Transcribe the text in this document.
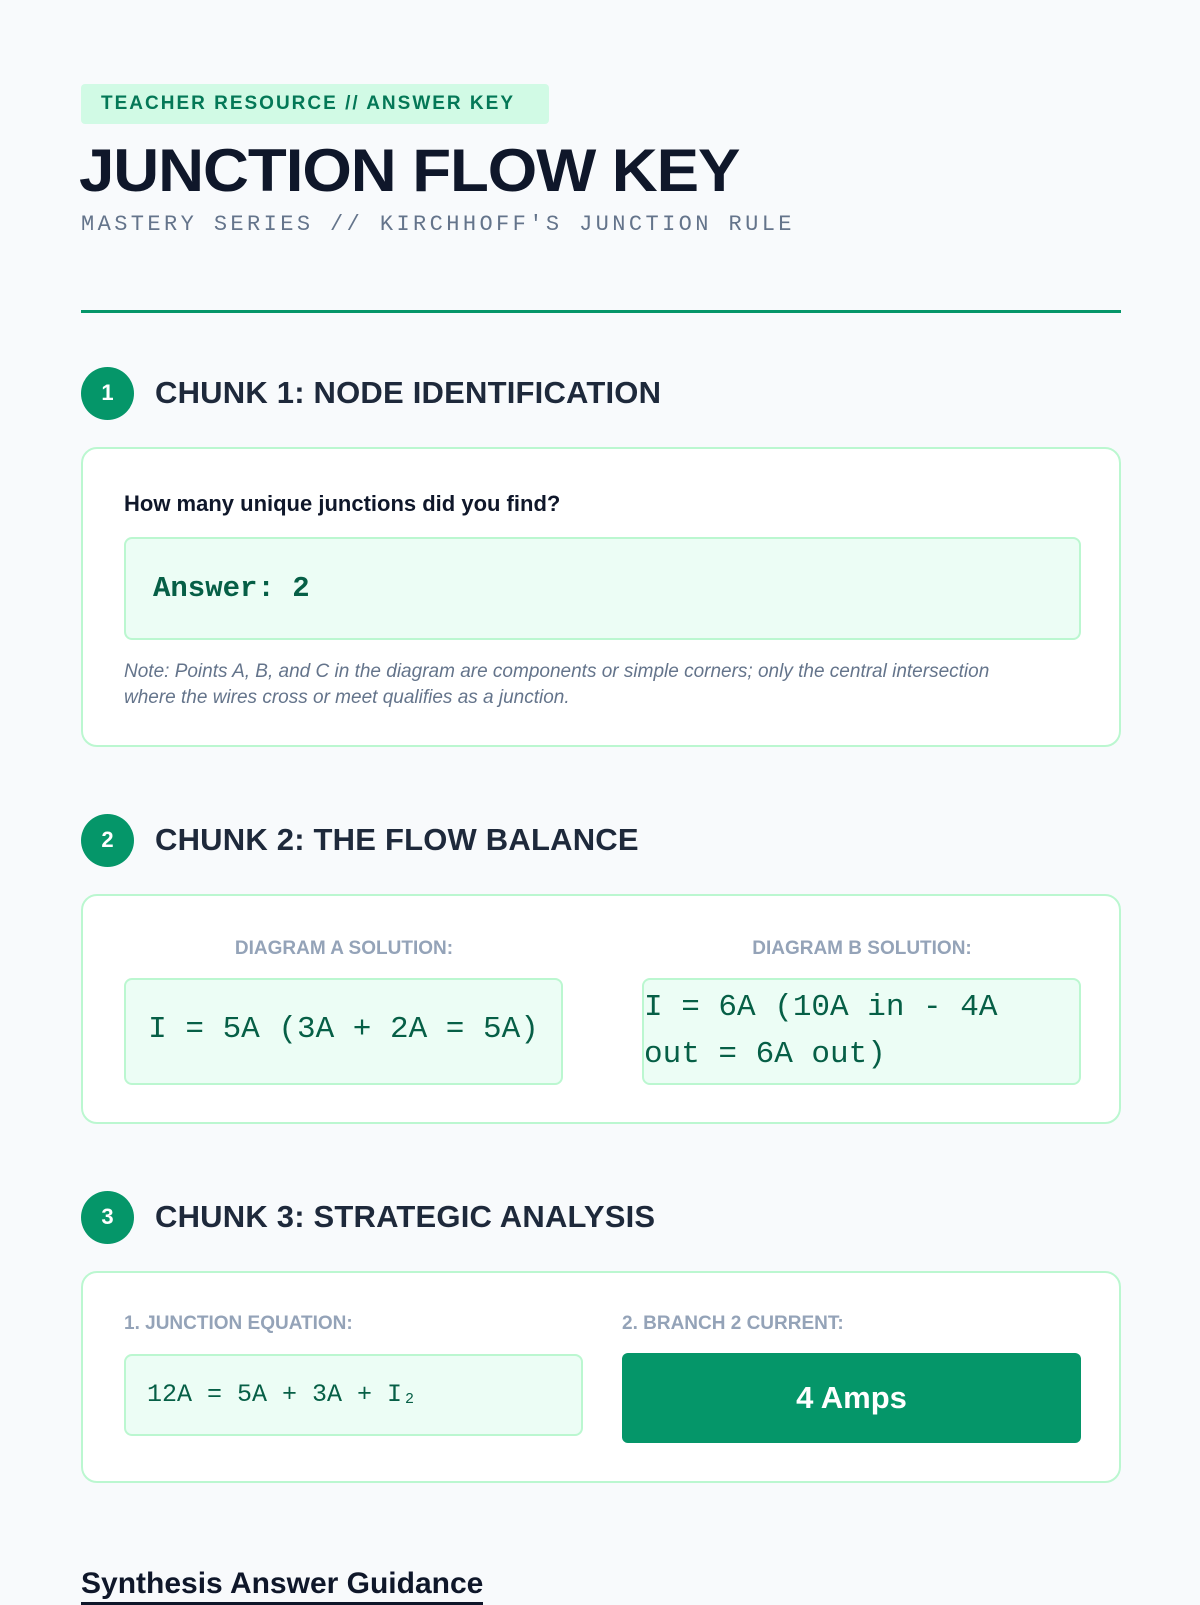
TEACHER RESOURCE // ANSWER KEY
JUNCTION FLOW KEY
MASTERY SERIES // KIRCHHOFF'S JUNCTION RULE
1	CHUNK 1: NODE IDENTIFICATION
How many unique junctions did you find?
Answer: 2
Note: Points A, B, and C in the diagram are components or simple corners; only the central intersection where the wires cross or meet qualifies as a junction.
2	CHUNK 2: THE FLOW BALANCE
DIAGRAM A SOLUTION:
I = 5A (3A + 2A = 5A)
DIAGRAM B SOLUTION:
I = 6A (10A in - 4A out = 6A out)
3	CHUNK 3: STRATEGIC ANALYSIS
1. JUNCTION EQUATION:
12A = 5A + 3A + I₂
2. BRANCH 2 CURRENT:
4 Amps
Synthesis Answer Guidance
